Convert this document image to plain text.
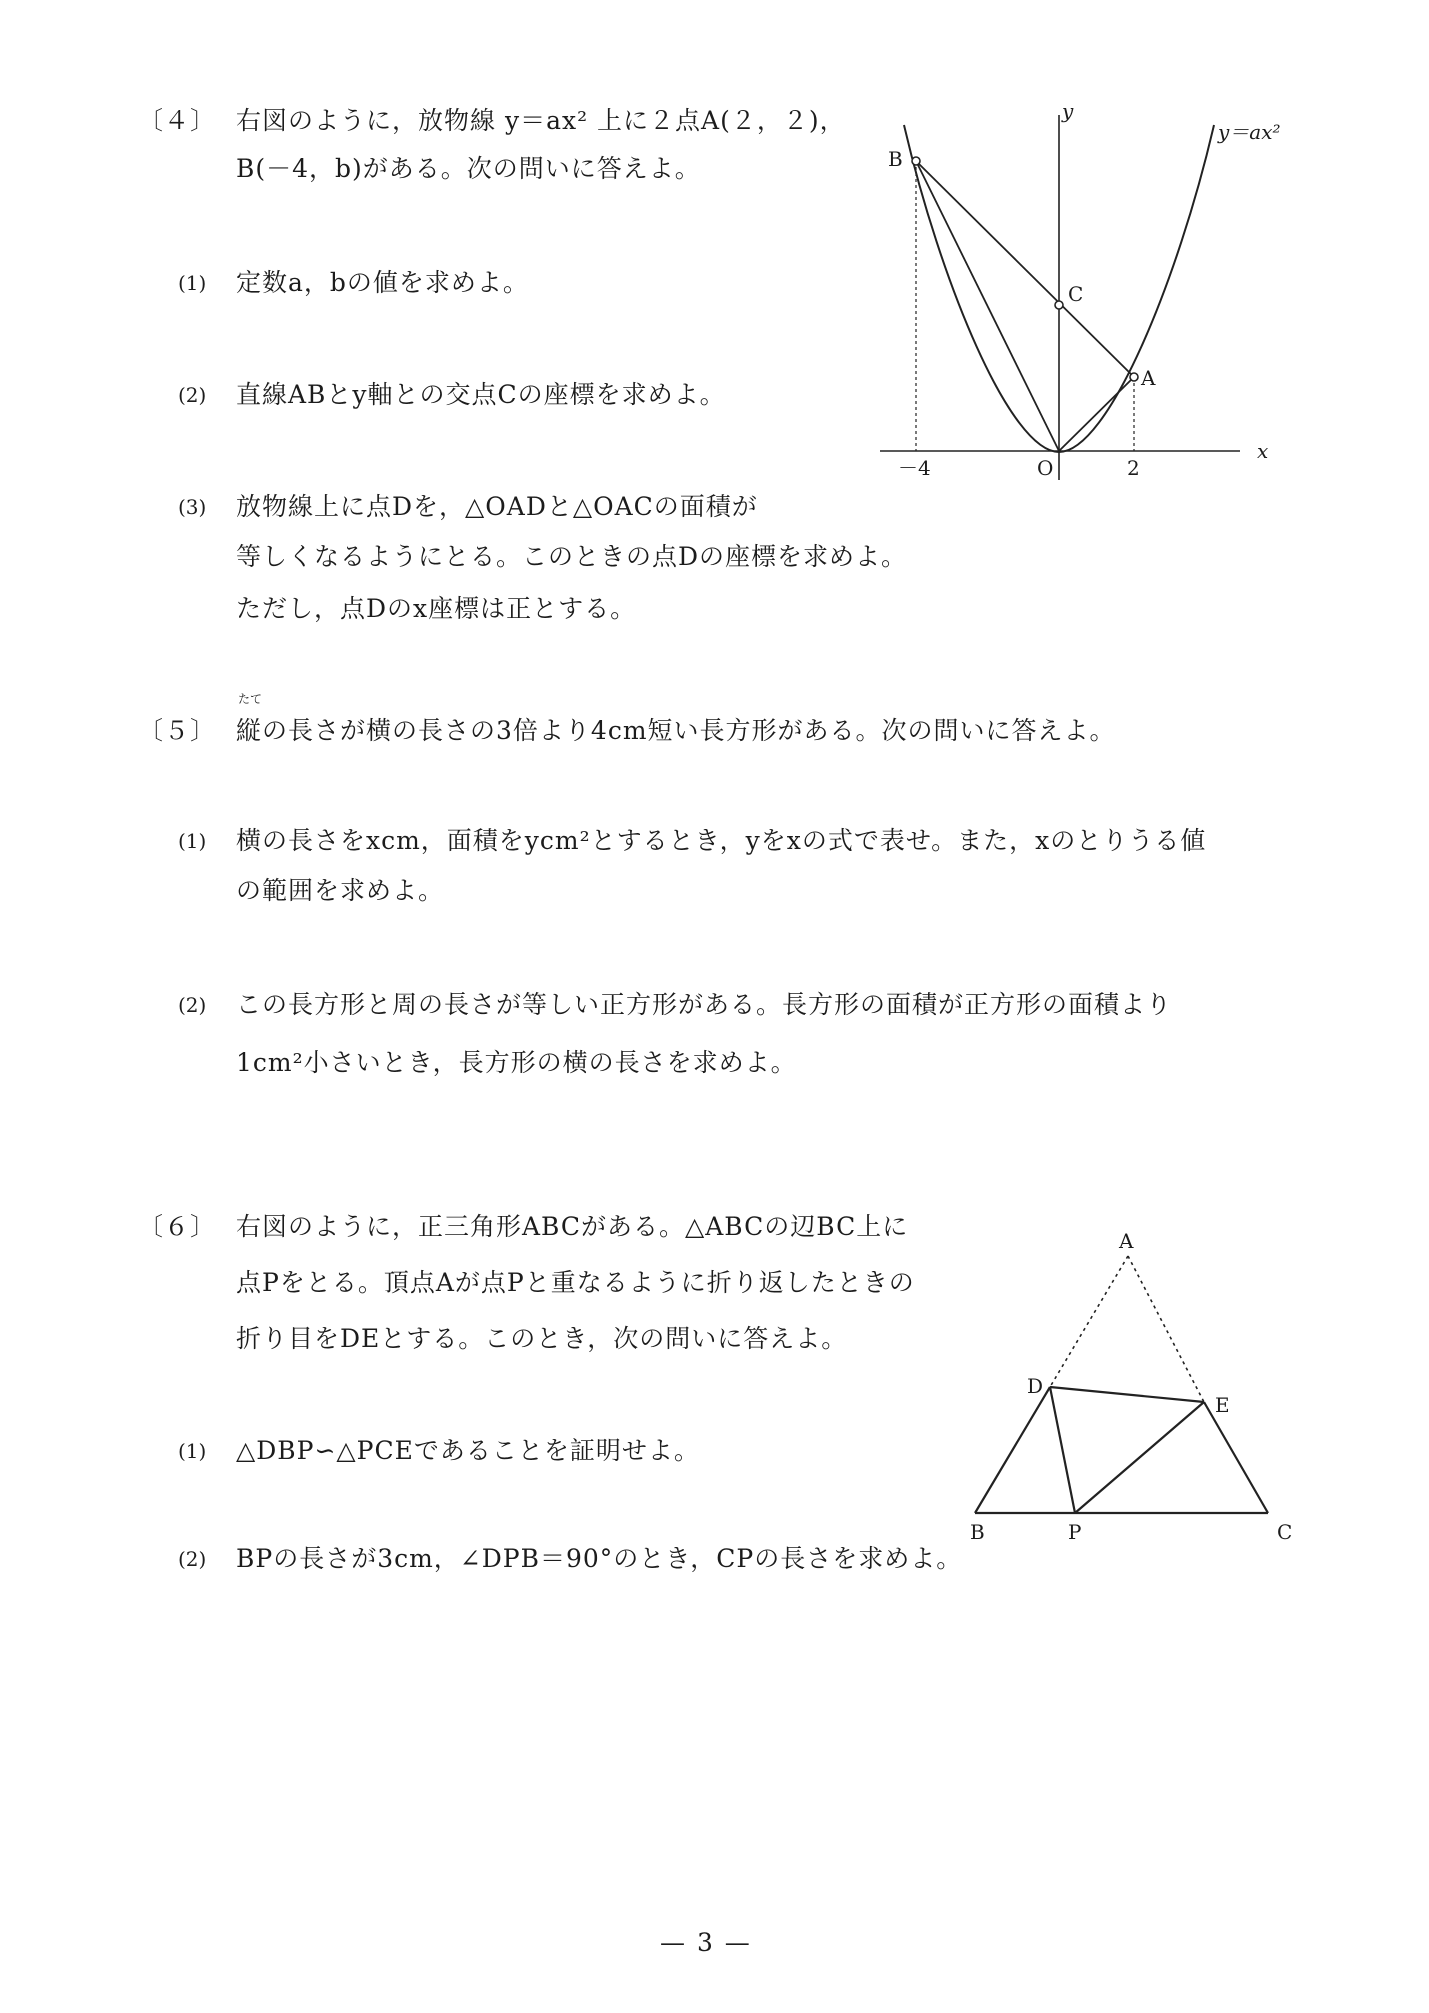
〔４〕 右図のように，放物線 y＝ax² 上に２点A(２，２)，
B(－4，b)がある。次の問いに答えよ。
(1) 定数a，bの値を求めよ。
(2) 直線ABとy軸との交点Cの座標を求めよ。
(3) 放物線上に点Dを，△OADと△OACの面積が
等しくなるようにとる。このときの点Dの座標を求めよ。
ただし，点Dのx座標は正とする。
y
y＝ax²
x
B
C
A
O
－4	2
〔５〕
たて
縦の長さが横の長さの3倍より4cm短い長方形がある。次の問いに答えよ。
(1) 横の長さをxcm，面積をycm²とするとき，yをxの式で表せ。また，xのとりうる値
の範囲を求めよ。
(2) この長方形と周の長さが等しい正方形がある。長方形の面積が正方形の面積より
1cm²小さいとき，長方形の横の長さを求めよ。
〔６〕 右図のように，正三角形ABCがある。△ABCの辺BC上に
点Pをとる。頂点Aが点Pと重なるように折り返したときの
折り目をDEとする。このとき，次の問いに答えよ。
(1) △DBP∽△PCEであることを証明せよ。
(2) BPの長さが3cm，∠DPB＝90°のとき，CPの長さを求めよ。
A
D
E
B	P	C
— 3 —
